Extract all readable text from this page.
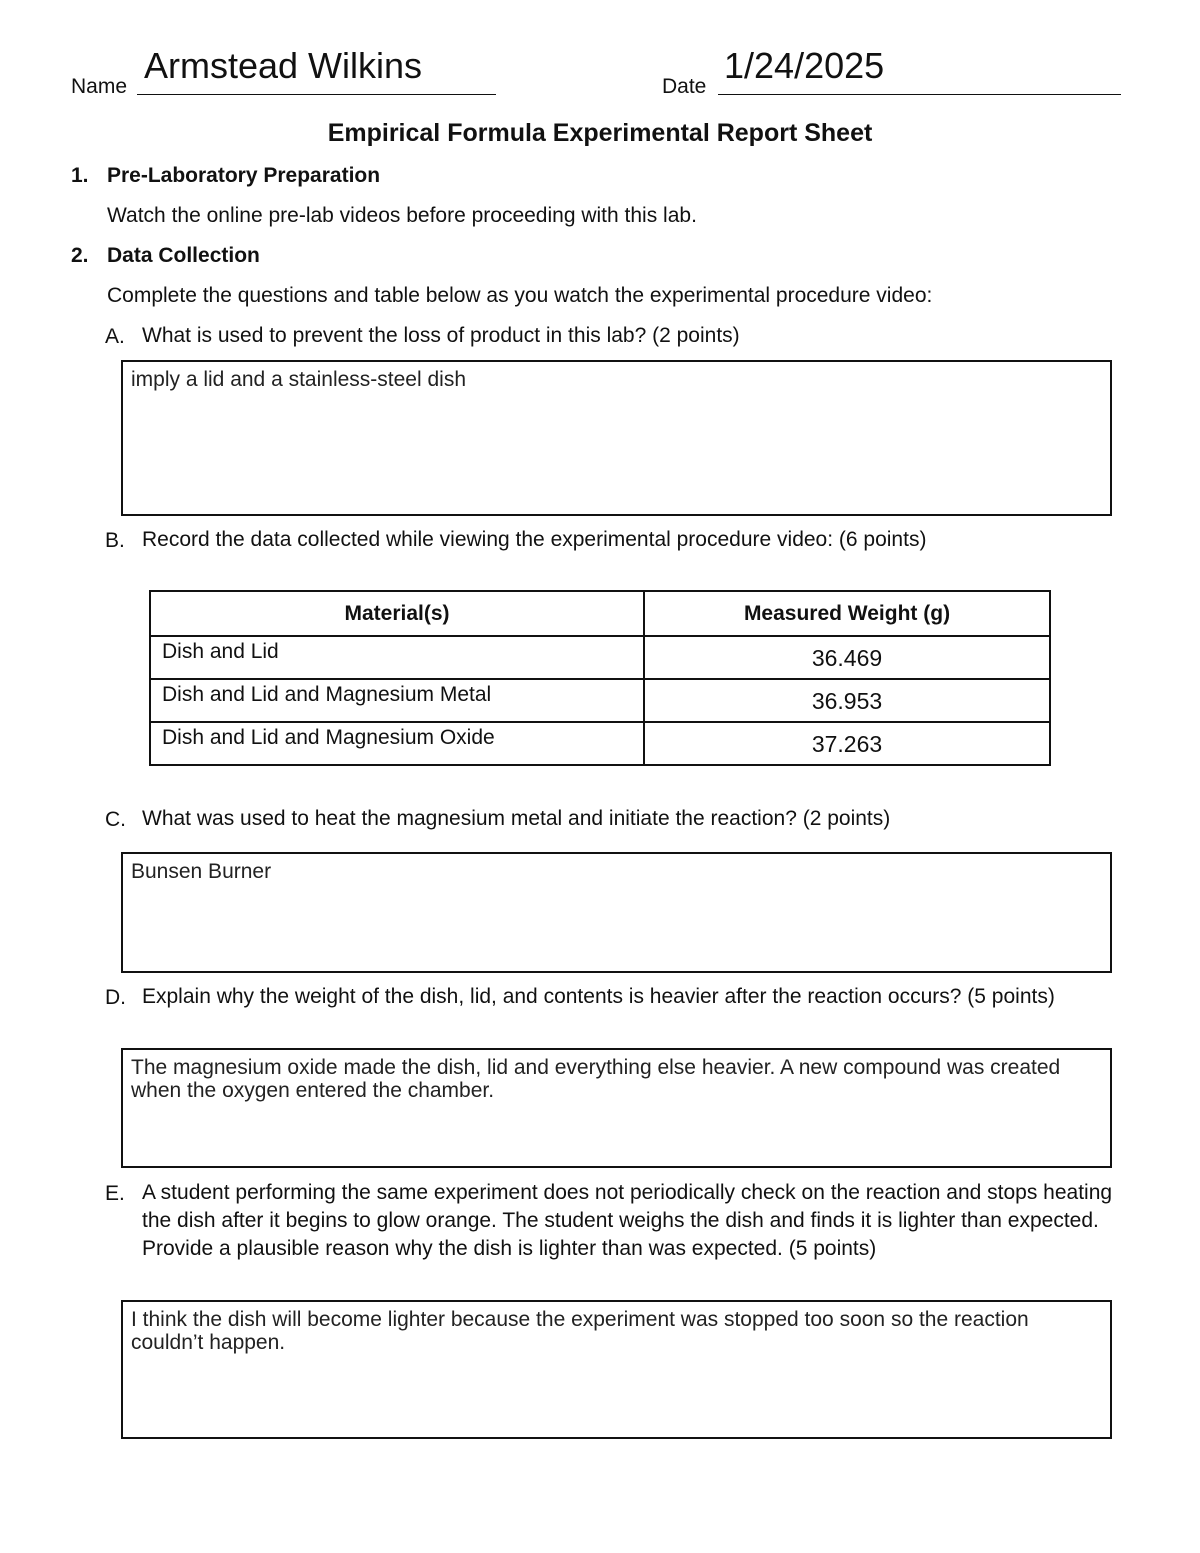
Name
Armstead Wilkins
Date
1/24/2025
Empirical Formula Experimental Report Sheet
1. Pre-Laboratory Preparation
Watch the online pre-lab videos before proceeding with this lab.
2. Data Collection
Complete the questions and table below as you watch the experimental procedure video:
A. What is used to prevent the loss of product in this lab? (2 points)
imply a lid and a stainless-steel dish
B. Record the data collected while viewing the experimental procedure video: (6 points)
Material(s)	Measured Weight (g)
Dish and Lid	36.469
Dish and Lid and Magnesium Metal	36.953
Dish and Lid and Magnesium Oxide	37.263
C. What was used to heat the magnesium metal and initiate the reaction? (2 points)
Bunsen Burner
D. Explain why the weight of the dish, lid, and contents is heavier after the reaction occurs? (5 points)
The magnesium oxide made the dish, lid and everything else heavier. A new compound was created when the oxygen entered the chamber.
E. A student performing the same experiment does not periodically check on the reaction and stops heating the dish after it begins to glow orange. The student weighs the dish and finds it is lighter than expected. Provide a plausible reason why the dish is lighter than was expected. (5 points)
I think the dish will become lighter because the experiment was stopped too soon so the reaction couldn’t happen.
